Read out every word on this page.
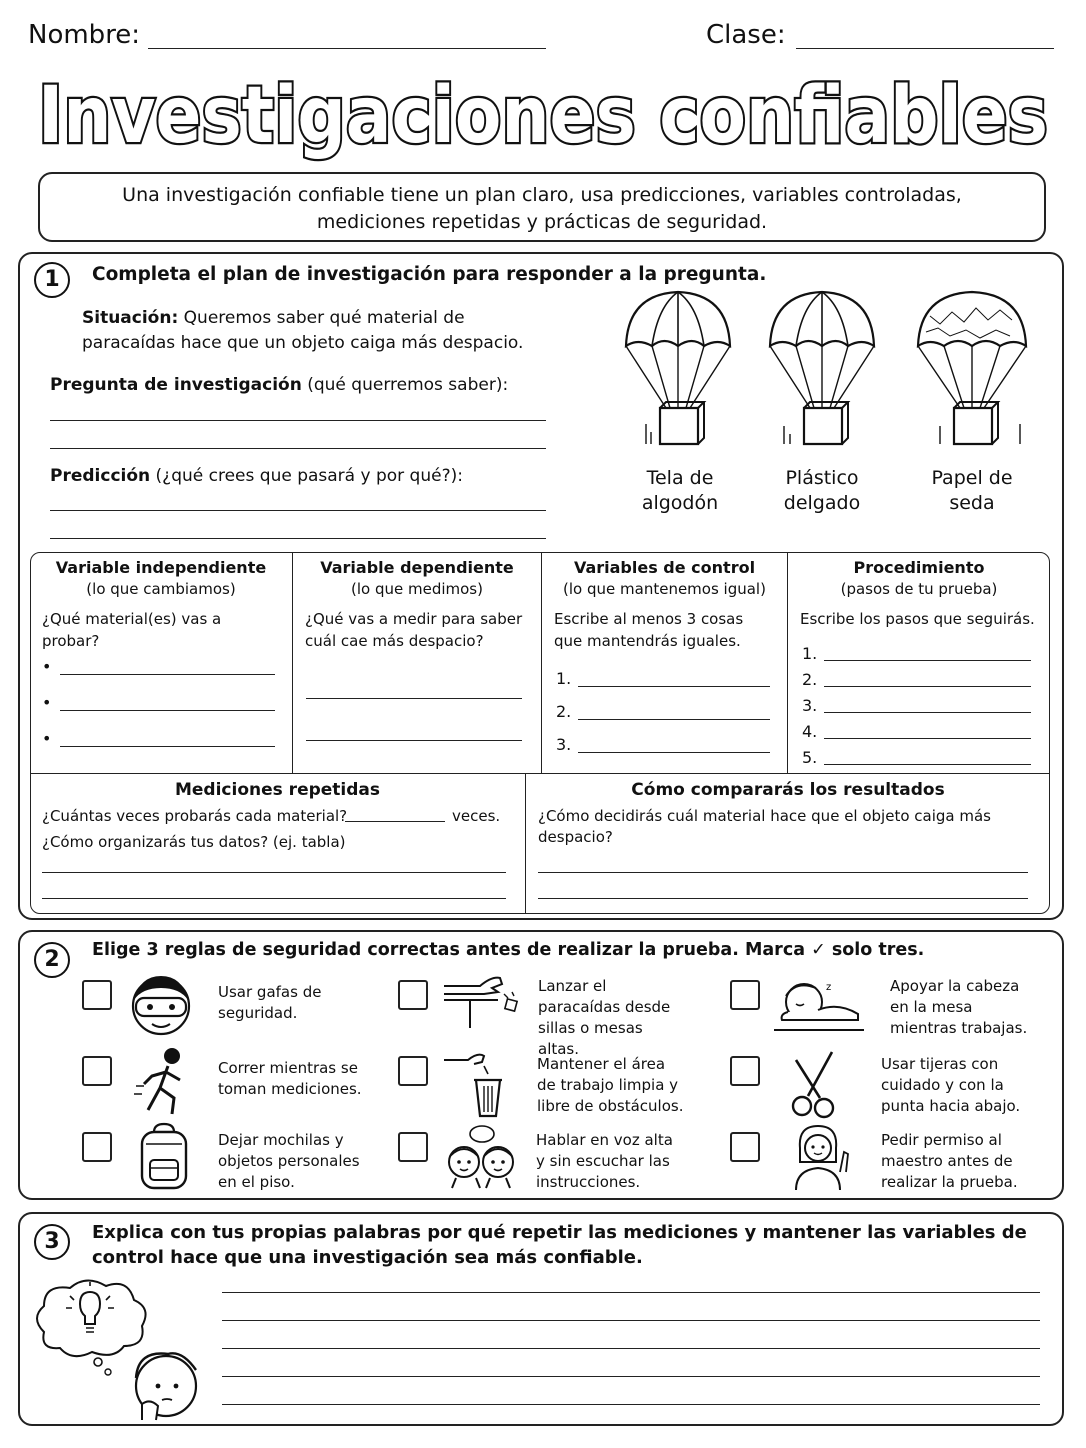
Nombre:	Clase:
Investigaciones confiables
Una investigación confiable tiene un plan claro, usa predicciones, variables controladas, mediciones repetidas y prácticas de seguridad.
1	Completa el plan de investigación para responder a la pregunta.
Situación: Queremos saber qué material de paracaídas hace que un objeto caiga más despacio.
Pregunta de investigación (qué querremos saber):
Predicción (¿qué crees que pasará y por qué?):	Tela de algodón
Plástico delgado
Papel de seda
Variable independiente
(lo que cambiamos)
¿Qué material(es) vas a probar?
•
•
•
Variable dependiente
(lo que medimos)
¿Qué vas a medir para saber cuál cae más despacio?
Variables de control
(lo que mantenemos igual)
Escribe al menos 3 cosas que mantendrás iguales.
1.
2.
3.
Procedimiento
(pasos de tu prueba)
Escribe los pasos que seguirás.
1.
2.
3.
4.
5.
Mediciones repetidas
¿Cuántas veces probarás cada material?	veces.
¿Cómo organizarás tus datos? (ej. tabla)
Cómo compararás los resultados
¿Cómo decidirás cuál material hace que el objeto caiga más despacio?
2	Elige 3 reglas de seguridad correctas antes de realizar la prueba. Marca ✓ solo tres.
Usar gafas de seguridad.
Lanzar el paracaídas desde sillas o mesas altas.
z	Apoyar la cabeza en la mesa mientras trabajas.
Correr mientras se toman mediciones.
Mantener el área de trabajo limpia y libre de obstáculos.
Usar tijeras con cuidado y con la punta hacia abajo.
Dejar mochilas y objetos personales en el piso.
Hablar en voz alta y sin escuchar las instrucciones.
Pedir permiso al maestro antes de realizar la prueba.
3	Explica con tus propias palabras por qué repetir las mediciones y mantener las variables de control hace que una investigación sea más confiable.
